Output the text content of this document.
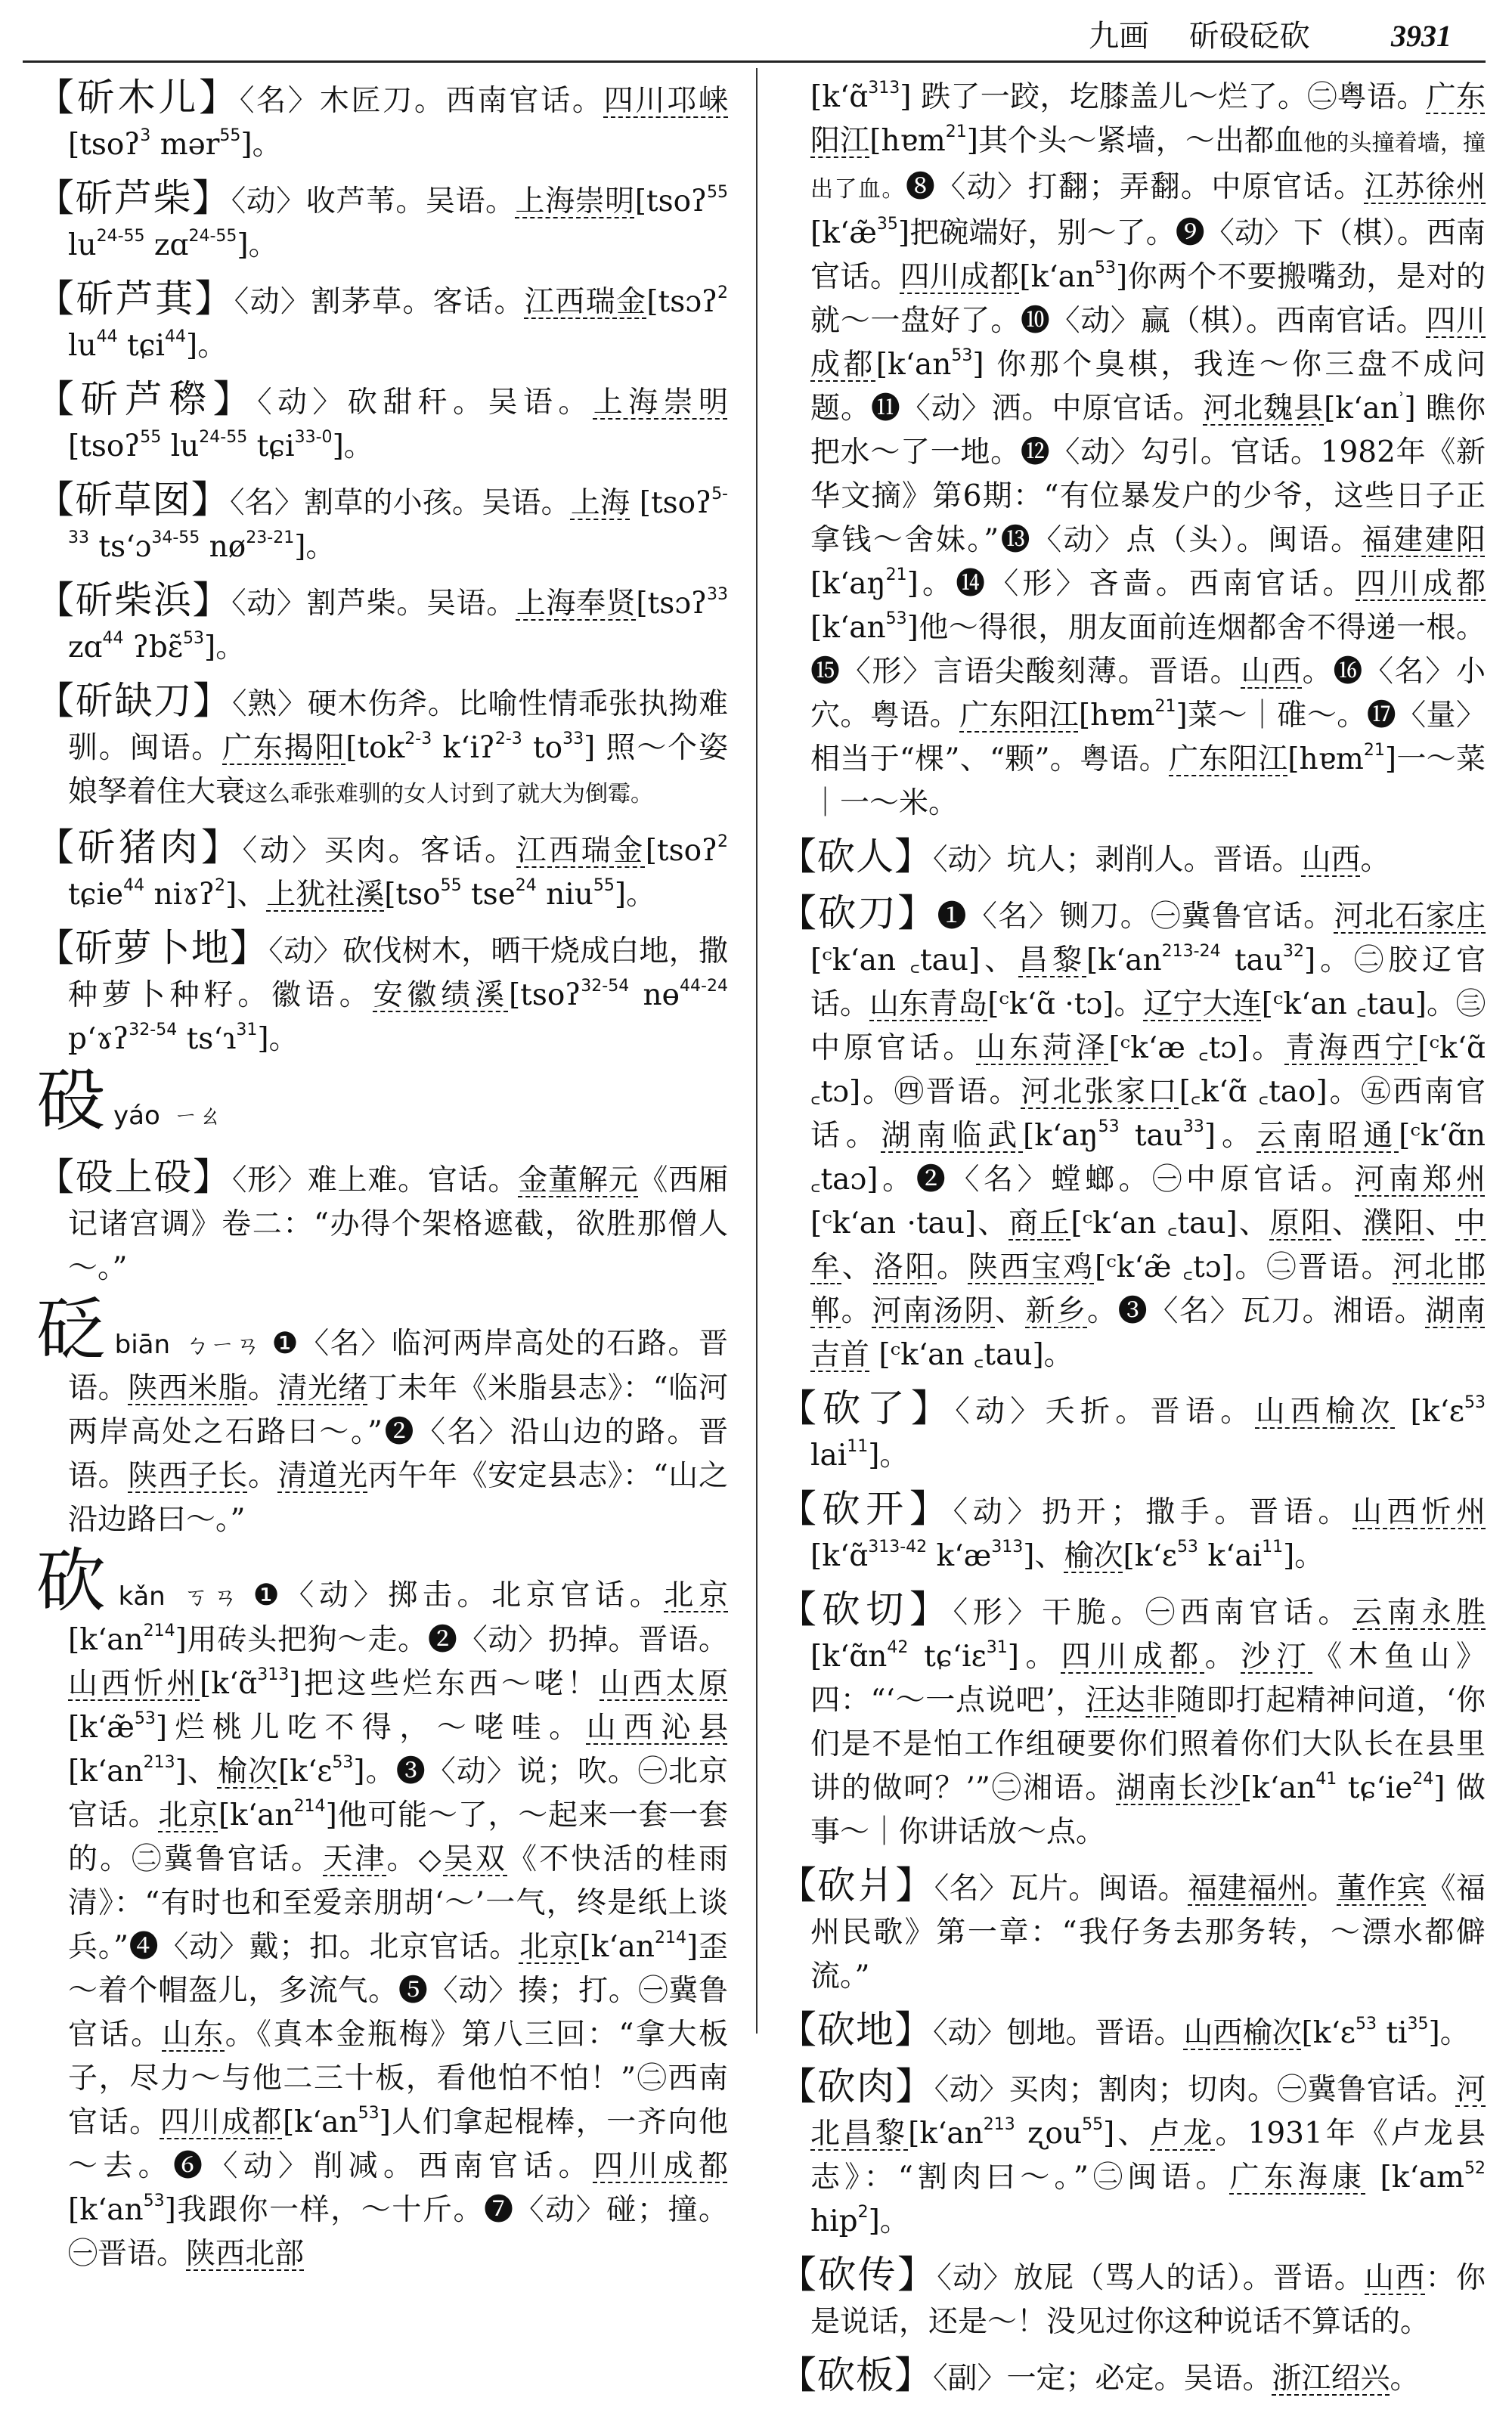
九画 斫砓砭砍	3931

【斫木儿】〈名〉木匠刀。西南官话。四川邛崃[tsoʔ$^3$ mər$^{55}$]。

【斫芦柴】〈动〉收芦苇。吴语。上海崇明[tsoʔ$^{55}$ $lu^{24-55}$ zɑ$^{24-55}$]。

【斫芦萁】〈动〉割茅草。客话。江西瑞金[tsɔʔ$^2$ $lu^{44}$ tɕi$^{44}$]。

【斫芦穄】〈动〉砍甜秆。吴语。上海崇明 [tsoʔ$^{55}$ $lu^{24-55}$ tɕi$^{33-0}$]。

【斫草囡】〈名〉割草的小孩。吴语。上海 [tsoʔ$^{5-33}$ ts‘ɔ$^{34-55}$ $nø^{23-21}$]。

【斫柴浜】〈动〉割芦柴。吴语。上海奉贤[tsɔʔ$^{33}$ zɑ$^{44}$ ʔbɛ̃$^{53}$]。

【斫缺刀】〈熟〉硬木伤斧。比喻性情乖张执拗难驯。闽语。广东揭阳[tok$^{2-3}$ k‘iʔ$^{2-3}$ $to^{33}$] 照～个姿娘孥着住大衰这么乖张难驯的女人讨到了就大为倒霉。

【斫猪肉】〈动〉买肉。客话。江西瑞金[tsoʔ$^2$ tɕie$^{44}$ niɤʔ$^2$]、上犹社溪[tso$^{55}$ tse$^{24}$ niu$^{55}$]。

【斫萝卜地】〈动〉砍伐树木，晒干烧成白地，撒种萝卜种籽。徽语。安徽绩溪[tsoʔ$^{32-54}$ nɵ$^{44-24}$ p‘ɤʔ$^{32-54}$ ts‘ɿ$^{31}$]。

砓yáo ㄧㄠ

【砓上砓】〈形〉难上难。官话。金董解元《西厢记诸宫调》卷二：“办得个架格遮截，欲胜那僧人～。”

砭biān ㄅㄧㄢ ❶〈名〉临河两岸高处的石路。晋语。陕西米脂。清光绪丁未年《米脂县志》：“临河两岸高处之石路曰～。”❷〈名〉沿山边的路。晋语。陕西子长。清道光丙午年《安定县志》：“山之沿边路曰～。”

砍kǎn ㄎㄢ ❶〈动〉掷击。北京官话。北京 $[k‘an^{214}]$用砖头把狗～走。❷〈动〉扔掉。晋语。山西忻州[k‘ɑ̃$^{313}$]把这些烂东西～咾！山西太原[k‘æ̃$^{53}$]烂桃儿吃不得，～咾哇。山西沁县 $[k‘an^{213}]$、榆次[k‘ɛ$^{53}$]。❸〈动〉说；吹。㊀北京官话。北京$[k‘an^{214}]$他可能～了，～起来一套一套的。㊁冀鲁官话。天津。◇吴双《不快活的桂雨清》：“有时也和至爱亲朋胡‘～’一气，终是纸上谈兵。”❹〈动〉戴；扣。北京官话。北京$[k‘an^{214}]$歪～着个帽盔儿，多流气。❺〈动〉揍；打。㊀冀鲁官话。山东。《真本金瓶梅》第八三回：“拿大板子，尽力～与他二三十板，看他怕不怕！”㊁西南官话。四川成都$[k‘an^{53}]$人们拿起棍棒，一齐向他～去。❻〈动〉削减。西南官话。四川成都$[k‘an^{53}]$我跟你一样，～十斤。❼〈动〉碰；撞。㊀晋语。陕西北部

[k‘ɑ̃$^{313}$] 跌了一跤，圪膝盖儿～烂了。㊁粤语。广东阳江[hɐm$^{21}$]其个头～紧墙，～出都血他的头撞着墙，撞出了血。❽〈动〉打翻；弄翻。中原官话。江苏徐州[k‘æ̃$^{35}$]把碗端好，别～了。❾〈动〉下（棋）。西南官话。四川成都$[k‘an^{53}]$你两个不要搬嘴劲，是对的就～一盘好了。❿〈动〉赢（棋）。西南官话。四川成都$[k‘an^{53}]$ 你那个臭棋，我连～你三盘不成问题。⓫〈动〉洒。中原官话。河北魏县$[k‘an^ʾ]$ 瞧你把水～了一地。⓬〈动〉勾引。官话。1982年《新华文摘》第6期：“有位暴发户的少爷，这些日子正拿钱～舍妹。”⓭〈动〉点（头）。闽语。福建建阳$[k‘aŋ^{21}]$。⓮〈形〉吝啬。西南官话。四川成都$[k‘an^{53}]$他～得很，朋友面前连烟都舍不得递一根。⓯〈形〉言语尖酸刻薄。晋语。山西。⓰〈名〉小穴。粤语。广东阳江[hɐm$^{21}$]菜～｜碓～。⓱〈量〉相当于“棵”、“颗”。粤语。广东阳江[hɐm$^{21}$]一～菜｜一～米。

【砍人】〈动〉坑人；剥削人。晋语。山西。

【砍刀】❶〈名〉铡刀。㊀冀鲁官话。河北石家庄[ᶜk‘an ꜀tau]、昌黎[$k‘an^{213-24}$ tau$^{32}$]。㊁胶辽官话。山东青岛[ᶜk‘ɑ̃ ·tɔ]。辽宁大连[ᶜk‘an ꜀tau]。㊂中原官话。山东菏泽[ᶜk‘æ ꜀tɔ]。青海西宁[ᶜk‘ɑ̃ ꜀tɔ]。㊃晋语。河北张家口[꜀k‘ɑ̃ ꜀tao]。㊄西南官话。湖南临武[$k‘aŋ^{53}$ tau$^{33}$]。云南昭通[ᶜk‘ɑ̃n ꜀taɔ]。❷〈名〉螳螂。㊀中原官话。河南郑州 [ᶜk‘an ·tau]、商丘[ᶜk‘an ꜀tau]、原阳、濮阳、中牟、洛阳。陕西宝鸡[ᶜk‘æ̃ ꜀tɔ]。㊁晋语。河北邯郸。河南汤阴、新乡。❸〈名〉瓦刀。湘语。湖南吉首 [ᶜk‘an ꜀tau]。

【砍了】〈动〉夭折。晋语。山西榆次 [k‘ɛ$^{53}$ lai$^{11}$]。

【砍开】〈动〉扔开；撒手。晋语。山西忻州 [k‘ɑ̃$^{313-42}$ $k‘æ^{313}$]、榆次[k‘ɛ$^{53}$ $k‘ai^{11}$]。

【砍切】〈形〉干脆。㊀西南官话。云南永胜 [$k‘ɑ̃n^{42}$ tɕ‘iɛ$^{31}$]。四川成都。沙汀《木鱼山》四：“‘～一点说吧’，汪达非随即打起精神问道，‘你们是不是怕工作组硬要你们照着你们大队长在县里讲的做呵？’”㊁湘语。湖南长沙[$k‘an^{41}$ $tɕ‘ie^{24}$] 做事～｜你讲话放～点。

【砍爿】〈名〉瓦片。闽语。福建福州。董作宾《福州民歌》第一章：“我仔务去那务转，～漂水都僻流。”

【砍地】〈动〉刨地。晋语。山西榆次[k‘ɛ$^{53}$ $ti^{35}$]。

【砍肉】〈动〉买肉；割肉；切肉。㊀冀鲁官话。河北昌黎[$k‘an^{213}$ ʐou$^{55}$]、卢龙。1931年《卢龙县志》：“割肉曰～。”㊁闽语。广东海康 [$k‘am^{52}$ hip$^2$]。

【砍传】〈动〉放屁（骂人的话）。晋语。山西：你是说话，还是～！没见过你这种说话不算话的。

【砍板】〈副〉一定；必定。吴语。浙江绍兴。
